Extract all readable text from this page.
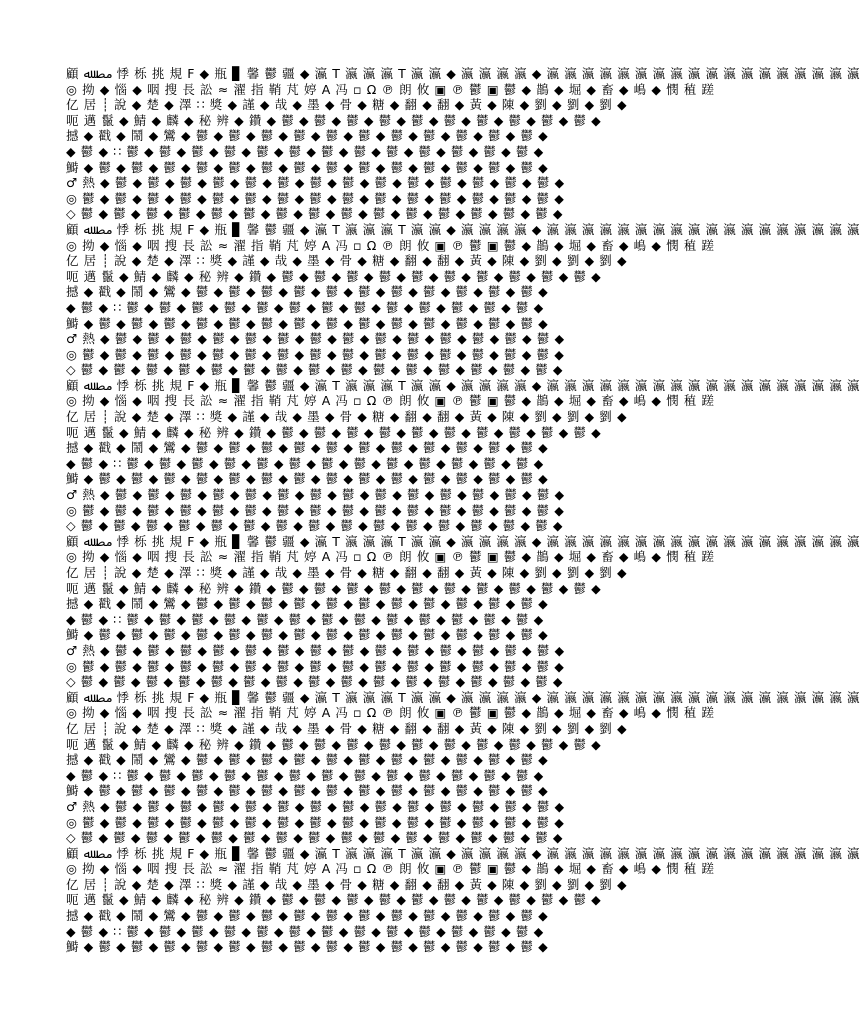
顧 ﻣﺼ ﷲ 悸 栎 挑 規 F ◆ 瓶 ▊ 馨 鬱 疆 ◆ 瀛 T 瀛 瀛 瀛 T 瀛 瀛 ◆ 瀛 瀛 瀛 瀛 ◆ 瀛 瀛 瀛 瀛 瀛 瀛 瀛 瀛 瀛 瀛 瀛 瀛 瀛 瀛 瀛 瀛 瀛 瀛
◎ 拗 ◆ 惱 ◆ 咽 搜 長 訟 ≈ 濯 指 鞘 芃 婷 A 冯 ▫ Ω ℗ 朗 攸 ▣ ℗ 鬱 ▣ 鬱 ◆ 鵲 ◆ 堀 ◆ 畜 ◆ 嶋 ◆ 憫 稙 蹉
亿 居 ┊ 說 ◆ 楚 ◆ 澤 ∷ 獎 ◆ 謹 ◆ 哉 ◆ 墨 ◆ 骨 ◆ 糖 ◆ 翻 ◆ 翻 ◆ 黃 ◆ 陳 ◆ 劉 ◆ 劉 ◆ 劉 ◆
呃 邁 鬣 ◆ 鯖 ◆ 麟 ◆ 秘 辨 ◆ 鑽 ◆ 鬱 ◆ 鬱 ◆ 鬱 ◆ 鬱 ◆ 鬱 ◆ 鬱 ◆ 鬱 ◆ 鬱 ◆ 鬱 ◆ 鬱 ◆
撼 ◆ 戳 ◆ 鬧 ◆ 鸞 ◆ 鬱 ◆ 鬱 ◆ 鬱 ◆ 鬱 ◆ 鬱 ◆ 鬱 ◆ 鬱 ◆ 鬱 ◆ 鬱 ◆ 鬱 ◆ 鬱 ◆
◆ 鬱 ◆ ∷ 鬱 ◆ 鬱 ◆ 鬱 ◆ 鬱 ◆ 鬱 ◆ 鬱 ◆ 鬱 ◆ 鬱 ◆ 鬱 ◆ 鬱 ◆ 鬱 ◆ 鬱 ◆ 鬱 ◆
鰣 ◆ 鬱 ◆ 鬱 ◆ 鬱 ◆ 鬱 ◆ 鬱 ◆ 鬱 ◆ 鬱 ◆ 鬱 ◆ 鬱 ◆ 鬱 ◆ 鬱 ◆ 鬱 ◆ 鬱 ◆ 鬱 ◆
♂ 熱 ◆ 鬱 ◆ 鬱 ◆ 鬱 ◆ 鬱 ◆ 鬱 ◆ 鬱 ◆ 鬱 ◆ 鬱 ◆ 鬱 ◆ 鬱 ◆ 鬱 ◆ 鬱 ◆ 鬱 ◆ 鬱 ◆
◎ 鬱 ◆ 鬱 ◆ 鬱 ◆ 鬱 ◆ 鬱 ◆ 鬱 ◆ 鬱 ◆ 鬱 ◆ 鬱 ◆ 鬱 ◆ 鬱 ◆ 鬱 ◆ 鬱 ◆ 鬱 ◆ 鬱 ◆
◇ 鬱 ◆ 鬱 ◆ 鬱 ◆ 鬱 ◆ 鬱 ◆ 鬱 ◆ 鬱 ◆ 鬱 ◆ 鬱 ◆ 鬱 ◆ 鬱 ◆ 鬱 ◆ 鬱 ◆ 鬱 ◆ 鬱 ◆
顧 ﻣﺼ ﷲ 悸 栎 挑 規 F ◆ 瓶 ▊ 馨 鬱 疆 ◆ 瀛 T 瀛 瀛 瀛 T 瀛 瀛 ◆ 瀛 瀛 瀛 瀛 ◆ 瀛 瀛 瀛 瀛 瀛 瀛 瀛 瀛 瀛 瀛 瀛 瀛 瀛 瀛 瀛 瀛 瀛 瀛
◎ 拗 ◆ 惱 ◆ 咽 搜 長 訟 ≈ 濯 指 鞘 芃 婷 A 冯 ▫ Ω ℗ 朗 攸 ▣ ℗ 鬱 ▣ 鬱 ◆ 鵲 ◆ 堀 ◆ 畜 ◆ 嶋 ◆ 憫 稙 蹉
亿 居 ┊ 說 ◆ 楚 ◆ 澤 ∷ 獎 ◆ 謹 ◆ 哉 ◆ 墨 ◆ 骨 ◆ 糖 ◆ 翻 ◆ 翻 ◆ 黃 ◆ 陳 ◆ 劉 ◆ 劉 ◆ 劉 ◆
呃 邁 鬣 ◆ 鯖 ◆ 麟 ◆ 秘 辨 ◆ 鑽 ◆ 鬱 ◆ 鬱 ◆ 鬱 ◆ 鬱 ◆ 鬱 ◆ 鬱 ◆ 鬱 ◆ 鬱 ◆ 鬱 ◆ 鬱 ◆
撼 ◆ 戳 ◆ 鬧 ◆ 鸞 ◆ 鬱 ◆ 鬱 ◆ 鬱 ◆ 鬱 ◆ 鬱 ◆ 鬱 ◆ 鬱 ◆ 鬱 ◆ 鬱 ◆ 鬱 ◆ 鬱 ◆
◆ 鬱 ◆ ∷ 鬱 ◆ 鬱 ◆ 鬱 ◆ 鬱 ◆ 鬱 ◆ 鬱 ◆ 鬱 ◆ 鬱 ◆ 鬱 ◆ 鬱 ◆ 鬱 ◆ 鬱 ◆ 鬱 ◆
鰣 ◆ 鬱 ◆ 鬱 ◆ 鬱 ◆ 鬱 ◆ 鬱 ◆ 鬱 ◆ 鬱 ◆ 鬱 ◆ 鬱 ◆ 鬱 ◆ 鬱 ◆ 鬱 ◆ 鬱 ◆ 鬱 ◆
♂ 熱 ◆ 鬱 ◆ 鬱 ◆ 鬱 ◆ 鬱 ◆ 鬱 ◆ 鬱 ◆ 鬱 ◆ 鬱 ◆ 鬱 ◆ 鬱 ◆ 鬱 ◆ 鬱 ◆ 鬱 ◆ 鬱 ◆
◎ 鬱 ◆ 鬱 ◆ 鬱 ◆ 鬱 ◆ 鬱 ◆ 鬱 ◆ 鬱 ◆ 鬱 ◆ 鬱 ◆ 鬱 ◆ 鬱 ◆ 鬱 ◆ 鬱 ◆ 鬱 ◆ 鬱 ◆
◇ 鬱 ◆ 鬱 ◆ 鬱 ◆ 鬱 ◆ 鬱 ◆ 鬱 ◆ 鬱 ◆ 鬱 ◆ 鬱 ◆ 鬱 ◆ 鬱 ◆ 鬱 ◆ 鬱 ◆ 鬱 ◆ 鬱 ◆
顧 ﻣﺼ ﷲ 悸 栎 挑 規 F ◆ 瓶 ▊ 馨 鬱 疆 ◆ 瀛 T 瀛 瀛 瀛 T 瀛 瀛 ◆ 瀛 瀛 瀛 瀛 ◆ 瀛 瀛 瀛 瀛 瀛 瀛 瀛 瀛 瀛 瀛 瀛 瀛 瀛 瀛 瀛 瀛 瀛 瀛
◎ 拗 ◆ 惱 ◆ 咽 搜 長 訟 ≈ 濯 指 鞘 芃 婷 A 冯 ▫ Ω ℗ 朗 攸 ▣ ℗ 鬱 ▣ 鬱 ◆ 鵲 ◆ 堀 ◆ 畜 ◆ 嶋 ◆ 憫 稙 蹉
亿 居 ┊ 說 ◆ 楚 ◆ 澤 ∷ 獎 ◆ 謹 ◆ 哉 ◆ 墨 ◆ 骨 ◆ 糖 ◆ 翻 ◆ 翻 ◆ 黃 ◆ 陳 ◆ 劉 ◆ 劉 ◆ 劉 ◆
呃 邁 鬣 ◆ 鯖 ◆ 麟 ◆ 秘 辨 ◆ 鑽 ◆ 鬱 ◆ 鬱 ◆ 鬱 ◆ 鬱 ◆ 鬱 ◆ 鬱 ◆ 鬱 ◆ 鬱 ◆ 鬱 ◆ 鬱 ◆
撼 ◆ 戳 ◆ 鬧 ◆ 鸞 ◆ 鬱 ◆ 鬱 ◆ 鬱 ◆ 鬱 ◆ 鬱 ◆ 鬱 ◆ 鬱 ◆ 鬱 ◆ 鬱 ◆ 鬱 ◆ 鬱 ◆
◆ 鬱 ◆ ∷ 鬱 ◆ 鬱 ◆ 鬱 ◆ 鬱 ◆ 鬱 ◆ 鬱 ◆ 鬱 ◆ 鬱 ◆ 鬱 ◆ 鬱 ◆ 鬱 ◆ 鬱 ◆ 鬱 ◆
鰣 ◆ 鬱 ◆ 鬱 ◆ 鬱 ◆ 鬱 ◆ 鬱 ◆ 鬱 ◆ 鬱 ◆ 鬱 ◆ 鬱 ◆ 鬱 ◆ 鬱 ◆ 鬱 ◆ 鬱 ◆ 鬱 ◆
♂ 熱 ◆ 鬱 ◆ 鬱 ◆ 鬱 ◆ 鬱 ◆ 鬱 ◆ 鬱 ◆ 鬱 ◆ 鬱 ◆ 鬱 ◆ 鬱 ◆ 鬱 ◆ 鬱 ◆ 鬱 ◆ 鬱 ◆
◎ 鬱 ◆ 鬱 ◆ 鬱 ◆ 鬱 ◆ 鬱 ◆ 鬱 ◆ 鬱 ◆ 鬱 ◆ 鬱 ◆ 鬱 ◆ 鬱 ◆ 鬱 ◆ 鬱 ◆ 鬱 ◆ 鬱 ◆
◇ 鬱 ◆ 鬱 ◆ 鬱 ◆ 鬱 ◆ 鬱 ◆ 鬱 ◆ 鬱 ◆ 鬱 ◆ 鬱 ◆ 鬱 ◆ 鬱 ◆ 鬱 ◆ 鬱 ◆ 鬱 ◆ 鬱 ◆
顧 ﻣﺼ ﷲ 悸 栎 挑 規 F ◆ 瓶 ▊ 馨 鬱 疆 ◆ 瀛 T 瀛 瀛 瀛 T 瀛 瀛 ◆ 瀛 瀛 瀛 瀛 ◆ 瀛 瀛 瀛 瀛 瀛 瀛 瀛 瀛 瀛 瀛 瀛 瀛 瀛 瀛 瀛 瀛 瀛 瀛
◎ 拗 ◆ 惱 ◆ 咽 搜 長 訟 ≈ 濯 指 鞘 芃 婷 A 冯 ▫ Ω ℗ 朗 攸 ▣ ℗ 鬱 ▣ 鬱 ◆ 鵲 ◆ 堀 ◆ 畜 ◆ 嶋 ◆ 憫 稙 蹉
亿 居 ┊ 說 ◆ 楚 ◆ 澤 ∷ 獎 ◆ 謹 ◆ 哉 ◆ 墨 ◆ 骨 ◆ 糖 ◆ 翻 ◆ 翻 ◆ 黃 ◆ 陳 ◆ 劉 ◆ 劉 ◆ 劉 ◆
呃 邁 鬣 ◆ 鯖 ◆ 麟 ◆ 秘 辨 ◆ 鑽 ◆ 鬱 ◆ 鬱 ◆ 鬱 ◆ 鬱 ◆ 鬱 ◆ 鬱 ◆ 鬱 ◆ 鬱 ◆ 鬱 ◆ 鬱 ◆
撼 ◆ 戳 ◆ 鬧 ◆ 鸞 ◆ 鬱 ◆ 鬱 ◆ 鬱 ◆ 鬱 ◆ 鬱 ◆ 鬱 ◆ 鬱 ◆ 鬱 ◆ 鬱 ◆ 鬱 ◆ 鬱 ◆
◆ 鬱 ◆ ∷ 鬱 ◆ 鬱 ◆ 鬱 ◆ 鬱 ◆ 鬱 ◆ 鬱 ◆ 鬱 ◆ 鬱 ◆ 鬱 ◆ 鬱 ◆ 鬱 ◆ 鬱 ◆ 鬱 ◆
鰣 ◆ 鬱 ◆ 鬱 ◆ 鬱 ◆ 鬱 ◆ 鬱 ◆ 鬱 ◆ 鬱 ◆ 鬱 ◆ 鬱 ◆ 鬱 ◆ 鬱 ◆ 鬱 ◆ 鬱 ◆ 鬱 ◆
♂ 熱 ◆ 鬱 ◆ 鬱 ◆ 鬱 ◆ 鬱 ◆ 鬱 ◆ 鬱 ◆ 鬱 ◆ 鬱 ◆ 鬱 ◆ 鬱 ◆ 鬱 ◆ 鬱 ◆ 鬱 ◆ 鬱 ◆
◎ 鬱 ◆ 鬱 ◆ 鬱 ◆ 鬱 ◆ 鬱 ◆ 鬱 ◆ 鬱 ◆ 鬱 ◆ 鬱 ◆ 鬱 ◆ 鬱 ◆ 鬱 ◆ 鬱 ◆ 鬱 ◆ 鬱 ◆
◇ 鬱 ◆ 鬱 ◆ 鬱 ◆ 鬱 ◆ 鬱 ◆ 鬱 ◆ 鬱 ◆ 鬱 ◆ 鬱 ◆ 鬱 ◆ 鬱 ◆ 鬱 ◆ 鬱 ◆ 鬱 ◆ 鬱 ◆
顧 ﻣﺼ ﷲ 悸 栎 挑 規 F ◆ 瓶 ▊ 馨 鬱 疆 ◆ 瀛 T 瀛 瀛 瀛 T 瀛 瀛 ◆ 瀛 瀛 瀛 瀛 ◆ 瀛 瀛 瀛 瀛 瀛 瀛 瀛 瀛 瀛 瀛 瀛 瀛 瀛 瀛 瀛 瀛 瀛 瀛
◎ 拗 ◆ 惱 ◆ 咽 搜 長 訟 ≈ 濯 指 鞘 芃 婷 A 冯 ▫ Ω ℗ 朗 攸 ▣ ℗ 鬱 ▣ 鬱 ◆ 鵲 ◆ 堀 ◆ 畜 ◆ 嶋 ◆ 憫 稙 蹉
亿 居 ┊ 說 ◆ 楚 ◆ 澤 ∷ 獎 ◆ 謹 ◆ 哉 ◆ 墨 ◆ 骨 ◆ 糖 ◆ 翻 ◆ 翻 ◆ 黃 ◆ 陳 ◆ 劉 ◆ 劉 ◆ 劉 ◆
呃 邁 鬣 ◆ 鯖 ◆ 麟 ◆ 秘 辨 ◆ 鑽 ◆ 鬱 ◆ 鬱 ◆ 鬱 ◆ 鬱 ◆ 鬱 ◆ 鬱 ◆ 鬱 ◆ 鬱 ◆ 鬱 ◆ 鬱 ◆
撼 ◆ 戳 ◆ 鬧 ◆ 鸞 ◆ 鬱 ◆ 鬱 ◆ 鬱 ◆ 鬱 ◆ 鬱 ◆ 鬱 ◆ 鬱 ◆ 鬱 ◆ 鬱 ◆ 鬱 ◆ 鬱 ◆
◆ 鬱 ◆ ∷ 鬱 ◆ 鬱 ◆ 鬱 ◆ 鬱 ◆ 鬱 ◆ 鬱 ◆ 鬱 ◆ 鬱 ◆ 鬱 ◆ 鬱 ◆ 鬱 ◆ 鬱 ◆ 鬱 ◆
鰣 ◆ 鬱 ◆ 鬱 ◆ 鬱 ◆ 鬱 ◆ 鬱 ◆ 鬱 ◆ 鬱 ◆ 鬱 ◆ 鬱 ◆ 鬱 ◆ 鬱 ◆ 鬱 ◆ 鬱 ◆ 鬱 ◆
♂ 熱 ◆ 鬱 ◆ 鬱 ◆ 鬱 ◆ 鬱 ◆ 鬱 ◆ 鬱 ◆ 鬱 ◆ 鬱 ◆ 鬱 ◆ 鬱 ◆ 鬱 ◆ 鬱 ◆ 鬱 ◆ 鬱 ◆
◎ 鬱 ◆ 鬱 ◆ 鬱 ◆ 鬱 ◆ 鬱 ◆ 鬱 ◆ 鬱 ◆ 鬱 ◆ 鬱 ◆ 鬱 ◆ 鬱 ◆ 鬱 ◆ 鬱 ◆ 鬱 ◆ 鬱 ◆
◇ 鬱 ◆ 鬱 ◆ 鬱 ◆ 鬱 ◆ 鬱 ◆ 鬱 ◆ 鬱 ◆ 鬱 ◆ 鬱 ◆ 鬱 ◆ 鬱 ◆ 鬱 ◆ 鬱 ◆ 鬱 ◆ 鬱 ◆
顧 ﻣﺼ ﷲ 悸 栎 挑 規 F ◆ 瓶 ▊ 馨 鬱 疆 ◆ 瀛 T 瀛 瀛 瀛 T 瀛 瀛 ◆ 瀛 瀛 瀛 瀛 ◆ 瀛 瀛 瀛 瀛 瀛 瀛 瀛 瀛 瀛 瀛 瀛 瀛 瀛 瀛 瀛 瀛 瀛 瀛
◎ 拗 ◆ 惱 ◆ 咽 搜 長 訟 ≈ 濯 指 鞘 芃 婷 A 冯 ▫ Ω ℗ 朗 攸 ▣ ℗ 鬱 ▣ 鬱 ◆ 鵲 ◆ 堀 ◆ 畜 ◆ 嶋 ◆ 憫 稙 蹉
亿 居 ┊ 說 ◆ 楚 ◆ 澤 ∷ 獎 ◆ 謹 ◆ 哉 ◆ 墨 ◆ 骨 ◆ 糖 ◆ 翻 ◆ 翻 ◆ 黃 ◆ 陳 ◆ 劉 ◆ 劉 ◆ 劉 ◆
呃 邁 鬣 ◆ 鯖 ◆ 麟 ◆ 秘 辨 ◆ 鑽 ◆ 鬱 ◆ 鬱 ◆ 鬱 ◆ 鬱 ◆ 鬱 ◆ 鬱 ◆ 鬱 ◆ 鬱 ◆ 鬱 ◆ 鬱 ◆
撼 ◆ 戳 ◆ 鬧 ◆ 鸞 ◆ 鬱 ◆ 鬱 ◆ 鬱 ◆ 鬱 ◆ 鬱 ◆ 鬱 ◆ 鬱 ◆ 鬱 ◆ 鬱 ◆ 鬱 ◆ 鬱 ◆
◆ 鬱 ◆ ∷ 鬱 ◆ 鬱 ◆ 鬱 ◆ 鬱 ◆ 鬱 ◆ 鬱 ◆ 鬱 ◆ 鬱 ◆ 鬱 ◆ 鬱 ◆ 鬱 ◆ 鬱 ◆ 鬱 ◆
鰣 ◆ 鬱 ◆ 鬱 ◆ 鬱 ◆ 鬱 ◆ 鬱 ◆ 鬱 ◆ 鬱 ◆ 鬱 ◆ 鬱 ◆ 鬱 ◆ 鬱 ◆ 鬱 ◆ 鬱 ◆ 鬱 ◆
